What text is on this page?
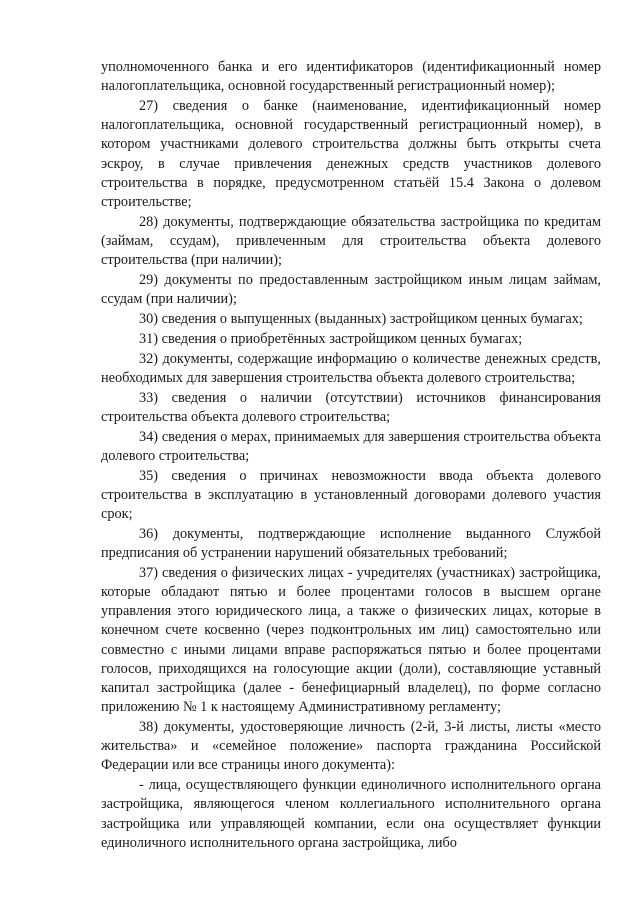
уполномоченного банка и его идентификаторов (идентификационный номер налогоплательщика, основной государственный регистрационный номер);

27) сведения о банке (наименование, идентификационный номер налогоплательщика, основной государственный регистрационный номер), в котором участниками долевого строительства должны быть открыты счета эскроу, в случае привлечения денежных средств участников долевого строительства в порядке, предусмотренном статьёй 15.4 Закона о долевом строительстве;

28) документы, подтверждающие обязательства застройщика по кредитам (займам, ссудам), привлеченным для строительства объекта долевого строительства (при наличии);

29) документы по предоставленным застройщиком иным лицам займам, ссудам (при наличии);

30) сведения о выпущенных (выданных) застройщиком ценных бумагах;

31) сведения о приобретённых застройщиком ценных бумагах;

32) документы, содержащие информацию о количестве денежных средств, необходимых для завершения строительства объекта долевого строительства;

33) сведения о наличии (отсутствии) источников финансирования строительства объекта долевого строительства;

34) сведения о мерах, принимаемых для завершения строительства объекта долевого строительства;

35) сведения о причинах невозможности ввода объекта долевого строительства в эксплуатацию в установленный договорами долевого участия срок;

36) документы, подтверждающие исполнение выданного Службой предписания об устранении нарушений обязательных требований;

37) сведения о физических лицах - учредителях (участниках) застройщика, которые обладают пятью и более процентами голосов в высшем органе управления этого юридического лица, а также о физических лицах, которые в конечном счете косвенно (через подконтрольных им лиц) самостоятельно или совместно с иными лицами вправе распоряжаться пятью и более процентами голосов, приходящихся на голосующие акции (доли), составляющие уставный капитал застройщика (далее - бенефициарный владелец), по форме согласно приложению № 1 к настоящему Административному регламенту;

38) документы, удостоверяющие личность (2-й, 3-й листы, листы «место жительства» и «семейное положение» паспорта гражданина Российской Федерации или все страницы иного документа):

- лица, осуществляющего функции единоличного исполнительного органа застройщика, являющегося членом коллегиального исполнительного органа застройщика или управляющей компании, если она осуществляет функции единоличного исполнительного органа застройщика, либо
